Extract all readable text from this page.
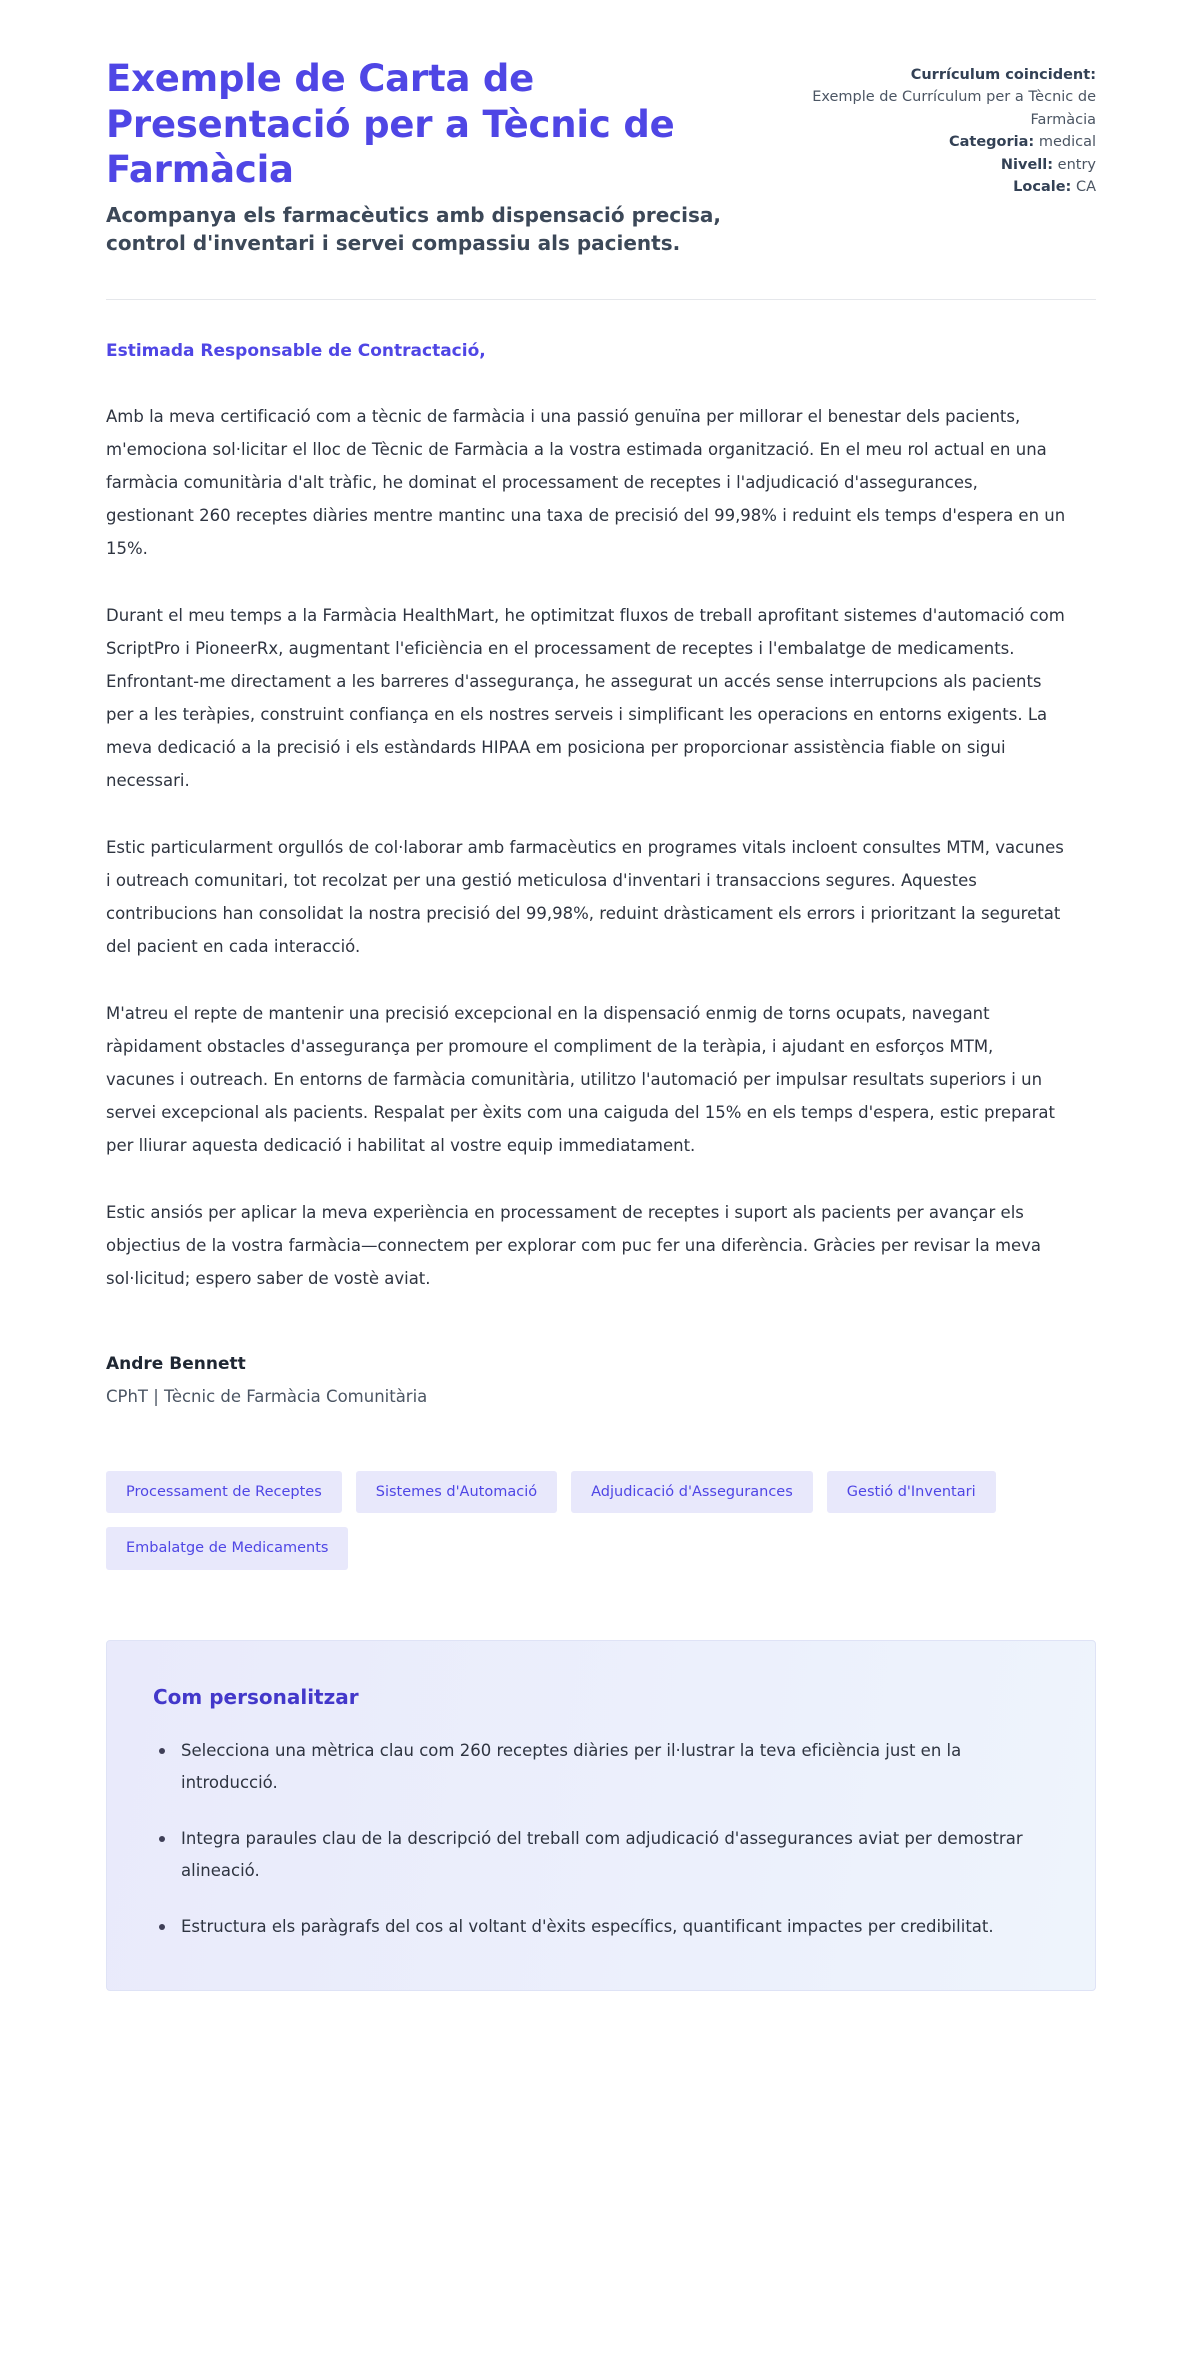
Exemple de Carta de Presentació per a Tècnic de Farmàcia

Acompanya els farmacèutics amb dispensació precisa, control d'inventari i servei compassiu als pacients.

Currículum coincident:
Exemple de Currículum per a Tècnic de Farmàcia
Categoria: medical
Nivell: entry
Locale: CA

Estimada Responsable de Contractació,

Amb la meva certificació com a tècnic de farmàcia i una passió genuïna per millorar el benestar dels pacients, m'emociona sol·licitar el lloc de Tècnic de Farmàcia a la vostra estimada organització. En el meu rol actual en una farmàcia comunitària d'alt tràfic, he dominat el processament de receptes i l'adjudicació d'assegurances, gestionant 260 receptes diàries mentre mantinc una taxa de precisió del 99,98% i reduint els temps d'espera en un 15%.

Durant el meu temps a la Farmàcia HealthMart, he optimitzat fluxos de treball aprofitant sistemes d'automació com ScriptPro i PioneerRx, augmentant l'eficiència en el processament de receptes i l'embalatge de medicaments. Enfrontant-me directament a les barreres d'assegurança, he assegurat un accés sense interrupcions als pacients per a les teràpies, construint confiança en els nostres serveis i simplificant les operacions en entorns exigents. La meva dedicació a la precisió i els estàndards HIPAA em posiciona per proporcionar assistència fiable on sigui necessari.

Estic particularment orgullós de col·laborar amb farmacèutics en programes vitals incloent consultes MTM, vacunes i outreach comunitari, tot recolzat per una gestió meticulosa d'inventari i transaccions segures. Aquestes contribucions han consolidat la nostra precisió del 99,98%, reduint dràsticament els errors i prioritzant la seguretat del pacient en cada interacció.

M'atreu el repte de mantenir una precisió excepcional en la dispensació enmig de torns ocupats, navegant ràpidament obstacles d'assegurança per promoure el compliment de la teràpia, i ajudant en esforços MTM, vacunes i outreach. En entorns de farmàcia comunitària, utilitzo l'automació per impulsar resultats superiors i un servei excepcional als pacients. Respalat per èxits com una caiguda del 15% en els temps d'espera, estic preparat per lliurar aquesta dedicació i habilitat al vostre equip immediatament.

Estic ansiós per aplicar la meva experiència en processament de receptes i suport als pacients per avançar els objectius de la vostra farmàcia—connectem per explorar com puc fer una diferència. Gràcies per revisar la meva sol·licitud; espero saber de vostè aviat.

Andre Bennett

CPhT | Tècnic de Farmàcia Comunitària

Processament de Receptes	Sistemes d'Automació	Adjudicació d'Assegurances	Gestió d'Inventari
Embalatge de Medicaments
Com personalitzar
Selecciona una mètrica clau com 260 receptes diàries per il·lustrar la teva eficiència just en la introducció.
Integra paraules clau de la descripció del treball com adjudicació d'assegurances aviat per demostrar alineació.
Estructura els paràgrafs del cos al voltant d'èxits específics, quantificant impactes per credibilitat.
